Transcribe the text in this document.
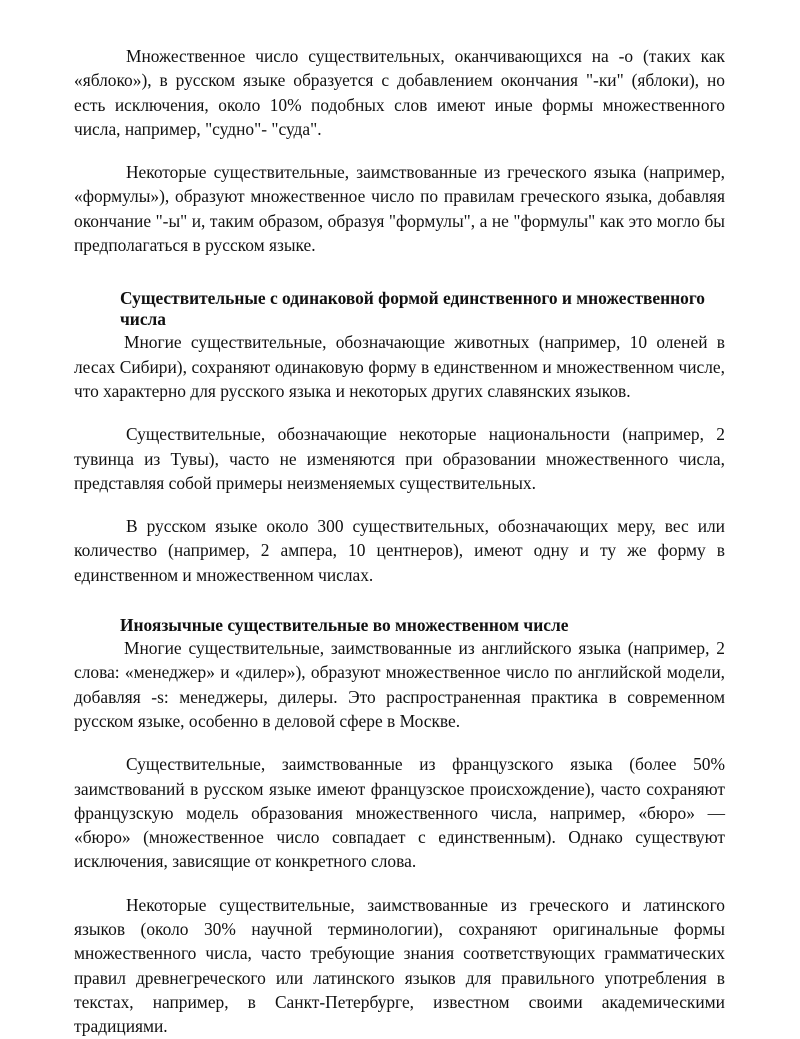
Множественное число существительных, оканчивающихся на -о (таких как «яблоко»), в русском языке образуется с добавлением окончания "-ки" (яблоки), но есть исключения, около 10% подобных слов имеют иные формы множественного числа, например, "судно"- "суда".

Некоторые существительные, заимствованные из греческого языка (например, «формулы»), образуют множественное число по правилам греческого языка, добавляя окончание "-ы" и, таким образом, образуя "формулы", а не "формулы" как это могло бы предполагаться в русском языке.

Существительные с одинаковой формой единственного и множественного числа

Многие существительные, обозначающие животных (например, 10 оленей в лесах Сибири), сохраняют одинаковую форму в единственном и множественном числе, что характерно для русского языка и некоторых других славянских языков.

Существительные, обозначающие некоторые национальности (например, 2 тувинца из Тувы), часто не изменяются при образовании множественного числа, представляя собой примеры неизменяемых существительных.

В русском языке около 300 существительных, обозначающих меру, вес или количество (например, 2 ампера, 10 центнеров), имеют одну и ту же форму в единственном и множественном числах.

Иноязычные существительные во множественном числе

Многие существительные, заимствованные из английского языка (например, 2 слова: «менеджер» и «дилер»), образуют множественное число по английской модели, добавляя -s: менеджеры, дилеры. Это распространенная практика в современном русском языке, особенно в деловой сфере в Москве.

Существительные, заимствованные из французского языка (более 50% заимствований в русском языке имеют французское происхождение), часто сохраняют французскую модель образования множественного числа, например, «бюро» — «бюро» (множественное число совпадает с единственным). Однако существуют исключения, зависящие от конкретного слова.

Некоторые существительные, заимствованные из греческого и латинского языков (около 30% научной терминологии), сохраняют оригинальные формы множественного числа, часто требующие знания соответствующих грамматических правил древнегреческого или латинского языков для правильного употребления в текстах, например, в Санкт-Петербурге, известном своими академическими традициями.
